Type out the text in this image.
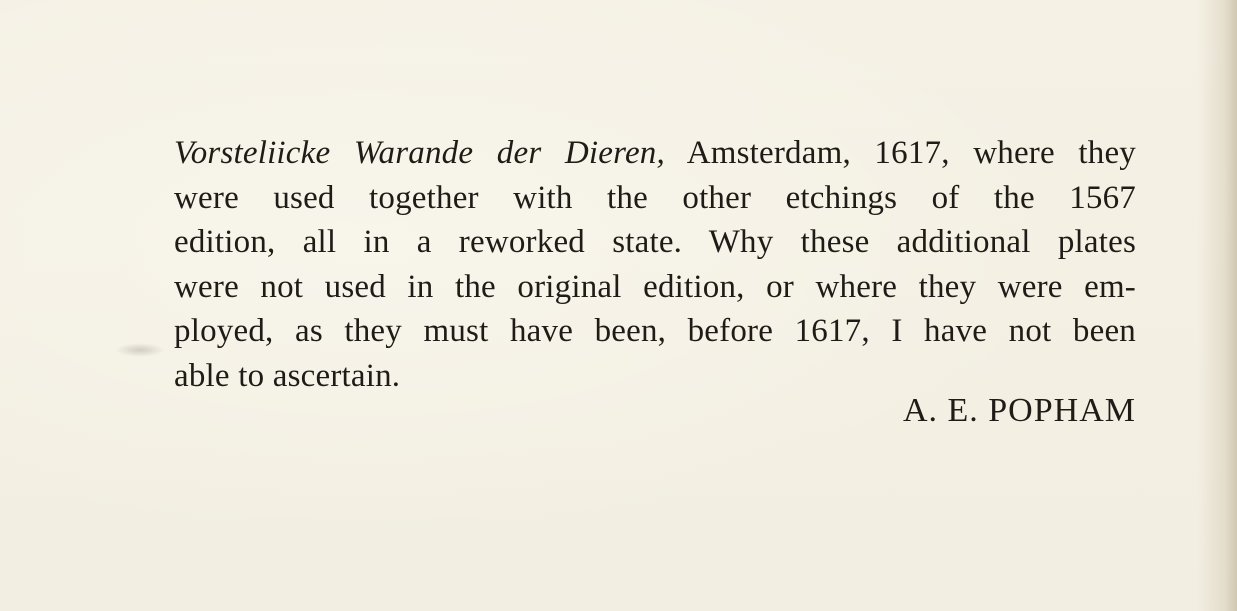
Vorsteliicke Warande der Dieren, Amsterdam, 1617, where they
were used together with the other etchings of the 1567
edition, all in a reworked state. Why these additional plates
were not used in the original edition, or where they were em-
ployed, as they must have been, before 1617, I have not been
able to ascertain.
A. E. POPHAM
